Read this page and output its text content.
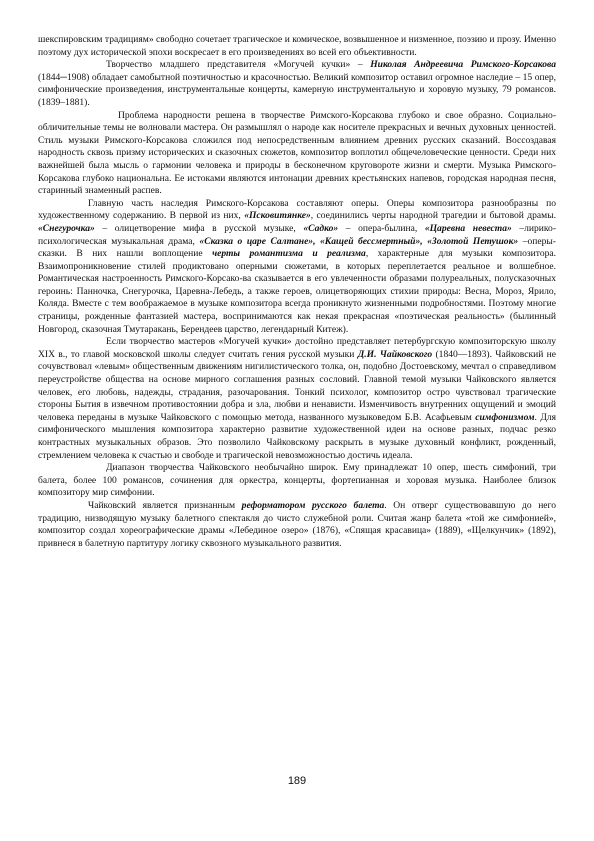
шекспировским традициям» свободно сочетает трагическое и комическое, возвышенное и низменное, поэзию и прозу. Именно поэтому дух исторической эпохи воскресает в его произведениях во всей его объективности.

Творчество младшего представителя «Могучей кучки» – Николая Андреевича Римского-Корсакова (1844─1908) обладает самобытной поэтичностью и красочностью. Великий композитор оставил огромное наследие – 15 опер, симфонические произведения, инструментальные концерты, камерную инструментальную и хоровую музыку, 79 романсов. (1839–1881).

Проблема народности решена в творчестве Римского-Корсакова глубоко и свое образно. Социально-обличительные темы не волновали мастера. Он размышлял о народе как носителе прекрасных и вечных духовных ценностей. Стиль музыки Римского-Корсакова сложился под непосредственным влиянием древних русских сказаний. Воссоздавая народность сквозь призму исторических и сказочных сюжетов, композитор воплотил общечеловеческие ценности. Среди них важнейшей была мысль о гармонии человека и природы в бесконечном круговороте жизни и смерти. Музыка Римского-Корсакова глубоко национальна. Ее истоками являются интонации древних крестьянских напевов, городская народная песня, старинный знаменный распев.

Главную часть наследия Римского-Корсакова составляют оперы. Оперы композитора разнообразны по художественному содержанию. В первой из них, «Псковитянке», соединились черты народной трагедии и бытовой драмы. «Снегурочка» – олицетворение мифа в русской музыке, «Садко» – опера-былина, «Царевна невеста» –лирико-психологическая музыкальная драма, «Сказка о царе Салтане», «Кащей бессмертный», «Золотой Петушок» –оперы-сказки. В них нашли воплощение черты романтизма и реализма, характерные для музыки композитора. Взаимопроникновение стилей продиктовано оперными сюжетами, в которых переплетается реальное и волшебное. Романтическая настроенность Римского-Корсако-ва сказывается в его увлеченности образами полуреальных, полусказочных героинь: Панночка, Снегурочка, Царевна-Лебедь, а также героев, олицетворяющих стихии природы: Весна, Мороз, Ярило, Коляда. Вместе с тем воображаемое в музыке композитора всегда проникнуто жизненными подробностями. Поэтому многие страницы, рожденные фантазией мастера, воспринимаются как некая прекрасная «поэтическая реальность» (былинный Новгород, сказочная Тмутаракань, Берендеев царство, легендарный Китеж).

Если творчество мастеров «Могучей кучки» достойно представляет петербургскую композиторскую школу XIX в., то главой московской школы следует считать гения русской музыки Д.И. Чайковского (1840—1893). Чайковский не сочувствовал «левым» общественным движениям нигилистического толка, он, подобно Достоевскому, мечтал о справедливом переустройстве общества на основе мирного соглашения разных сословий. Главной темой музыки Чайковского является человек, его любовь, надежды, страдания, разочарования. Тонкий психолог, композитор остро чувствовал трагические стороны Бытия в извечном противостоянии добра и зла, любви и ненависти. Изменчивость внутренних ощущений и эмоций человека переданы в музыке Чайковского с помощью метода, названного музыковедом Б.В. Асафьевым симфонизмом. Для симфонического мышления композитора характерно развитие художественной идеи на основе разных, подчас резко контрастных музыкальных образов. Это позволило Чайковскому раскрыть в музыке духовный конфликт, рожденный, стремлением человека к счастью и свободе и трагической невозможностью достичь идеала.

Диапазон творчества Чайковского необычайно широк. Ему принадлежат 10 опер, шесть симфоний, три балета, более 100 романсов, сочинения для оркестра, концерты, фортепианная и хоровая музыка. Наиболее близок композитору мир симфонии.

Чайковский является признанным реформатором русского балета. Он отверг существовавшую до него традицию, низводящую музыку балетного спектакля до чисто служебной роли. Считая жанр балета «той же симфонией», композитор создал хореографические драмы «Лебединое озеро» (1876), «Спящая красавица» (1889), «Щелкунчик» (1892), привнеся в балетную партитуру логику сквозного музыкального развития.

189
